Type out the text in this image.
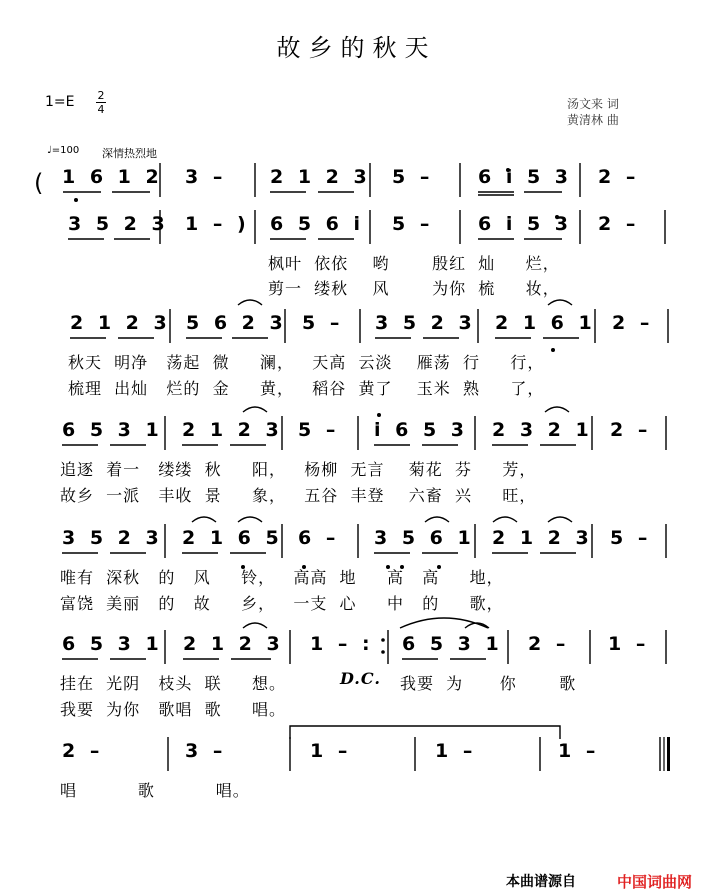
(
故乡的秋天
1=E 2
4	汤文来 词
黄清林 曲
♩=100 深情热烈地
1 6 1 2 3 – 2 1 2 3 5 – 6 i 5 3 2 –
3 5 2 3 1 – ) 6 5 6 i 5 – 6 i 5 3 2 –
枫叶  依依    哟       殷红  灿     烂，
剪一  缕秋    风       为你  梳     妆，
2 1 2 3 5 6 2 3 5 – 3 5 2 3 2 1 6 1 2 –
秋天  明净   荡起  微     澜，   天高  云淡    雁荡  行     行，
梳理  出灿   烂的  金     黄，   稻谷  黄了    玉米  熟     了，
6 5 3 1 2 1 2 3 5 – i 6 5 3 2 3 2 1 2 –
追逐  着一   缕缕  秋     阳，   杨柳  无言    菊花  芬     芳，
故乡  一派   丰收  景     象，   五谷  丰登    六畜  兴     旺，
3 5 2 3 2 1 6 5 6 – 3 5 6 1 2 1 2 3 5 –
唯有  深秋   的   风     铃，   高高  地     高   高     地，
富饶  美丽   的   故     乡，   一支  心     中   的     歌，
6 5 3 1 2 1 2 3 1 – : 6 5 3 1 2 – 1 –
挂在  光阴   枝头  联     想。
我要  为你   歌唱  歌     唱。
D.C. 我要  为      你       歌
2 –	3 –	1 –	1 –	1 –
唱          歌          唱。
本曲谱源自	中国词曲网
